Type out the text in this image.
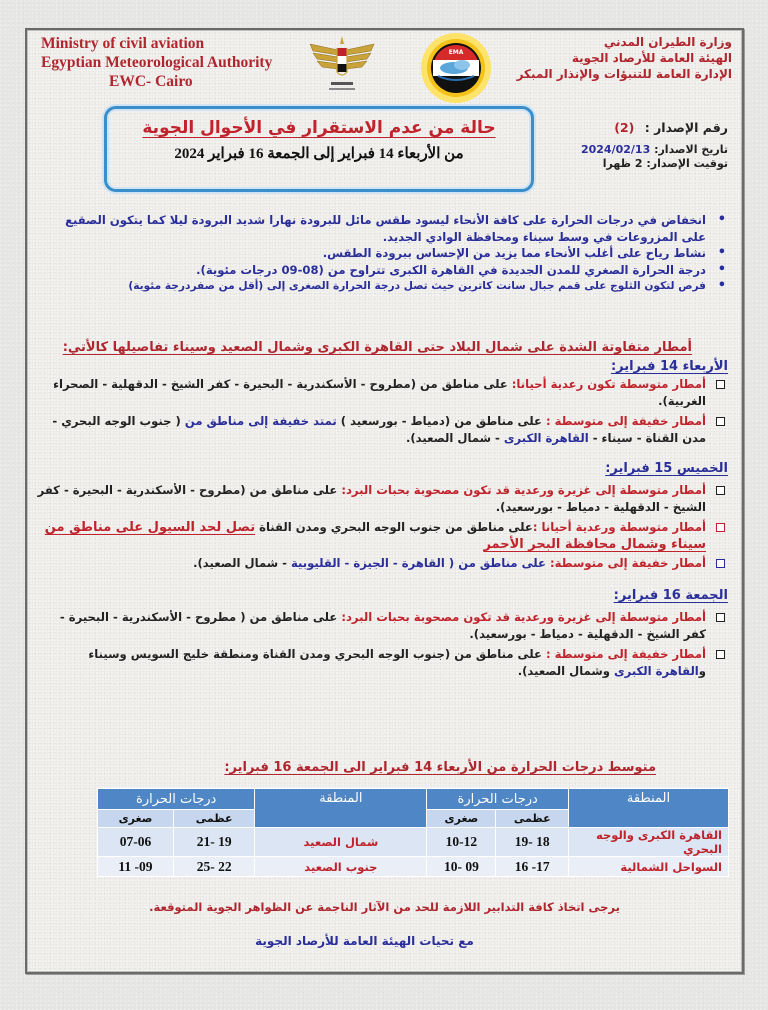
Ministry of civil aviation
Egyptian Meteorological Authority
EWC- Cairo
EMA
وزارة الطيران المدني
الهيئة العامة للأرصاد الجوية
الإدارة العامة للتنبؤات والإنذار المبكر
حالة من عدم الاستقرار في الأحوال الجوية
من الأربعاء 14 فبراير إلى الجمعة 16 فبراير 2024
رقم الإصدار : (2)
تاريخ الاصدار: 2024/02/13
توقيت الإصدار: 2 ظهرا
• انخفاض في درجات الحرارة على كافة الأنحاء ليسود طقس مائل للبرودة نهارا شديد البرودة ليلا كما يتكون الصقيع على المزروعات في وسط سيناء ومحافظة الوادي الجديد.
• نشاط رياح على أغلب الأنحاء مما يزيد من الإحساس ببرودة الطقس.
• درجة الحرارة الصغري للمدن الجديدة في القاهرة الكبرى تتراوح من (08-09 درجات مئوية).
• فرص لتكون الثلوج على قمم جبال سانت كاترين حيث تصل درجة الحرارة الصغرى إلى (أقل من صفردرجة مئوية)
أمطار متفاوتة الشدة على شمال البلاد حتى القاهرة الكبرى وشمال الصعيد وسيناء تفاصيلها كالأتي:
الأربعاء 14 فبراير:
أمطار متوسطة تكون رعدية أحيانا: على مناطق من (مطروح - الأسكندرية - البحيرة - كفر الشيخ - الدقهلية - الصحراء الغربية).
أمطار خفيفة إلى متوسطة : على مناطق من (دمياط - بورسعيد ) تمتد خفيفة إلى مناطق من ( جنوب الوجه البحري - مدن القناة - سيناء - القاهرة الكبرى - شمال الصعيد).
الخميس 15 فبراير:
أمطار متوسطة إلى غزيرة ورعدية قد تكون مصحوبة بحبات البرد: على مناطق من (مطروح - الأسكندرية - البحيرة - كفر الشيخ - الدقهلية - دمياط - بورسعيد).
أمطار متوسطة ورعدية أحيانا :على مناطق من جنوب الوجه البحري ومدن القناة تصل لحد السيول على مناطق من سيناء وشمال محافظة البحر الأحمر
أمطار خفيفة إلى متوسطة: على مناطق من ( القاهرة - الجيزة - القليوبية - شمال الصعيد).
الجمعة 16 فبراير:
أمطار متوسطة إلى غزيرة ورعدية قد تكون مصحوبة بحبات البرد: على مناطق من ( مطروح - الأسكندرية - البحيرة - كفر الشيخ - الدقهلية - دمياط - بورسعيد).
أمطار خفيفة إلى متوسطة : على مناطق من (جنوب الوجه البحري ومدن القناة ومنطقة خليج السويس وسيناء والقاهرة الكبرى وشمال الصعيد).
متوسط درجات الحرارة من الأربعاء 14 فبراير الى الجمعة 16 فبراير:
المنطقة	درجات الحرارة		المنطقة	درجات الحرارة	
	عظمى	صغرى		عظمى	صغرى
القاهرة الكبرى والوجه البحري	19- 18	10-12	شمال الصعيد	21- 19	07-06
السواحل الشمالية	16 -17	10- 09	جنوب الصعيد	25- 22	11 -09
يرجى اتخاذ كافة التدابير اللازمة للحد من الآثار الناجمة عن الظواهر الجوية المتوقعة.
مع تحيات الهيئة العامة للأرصاد الجوية
